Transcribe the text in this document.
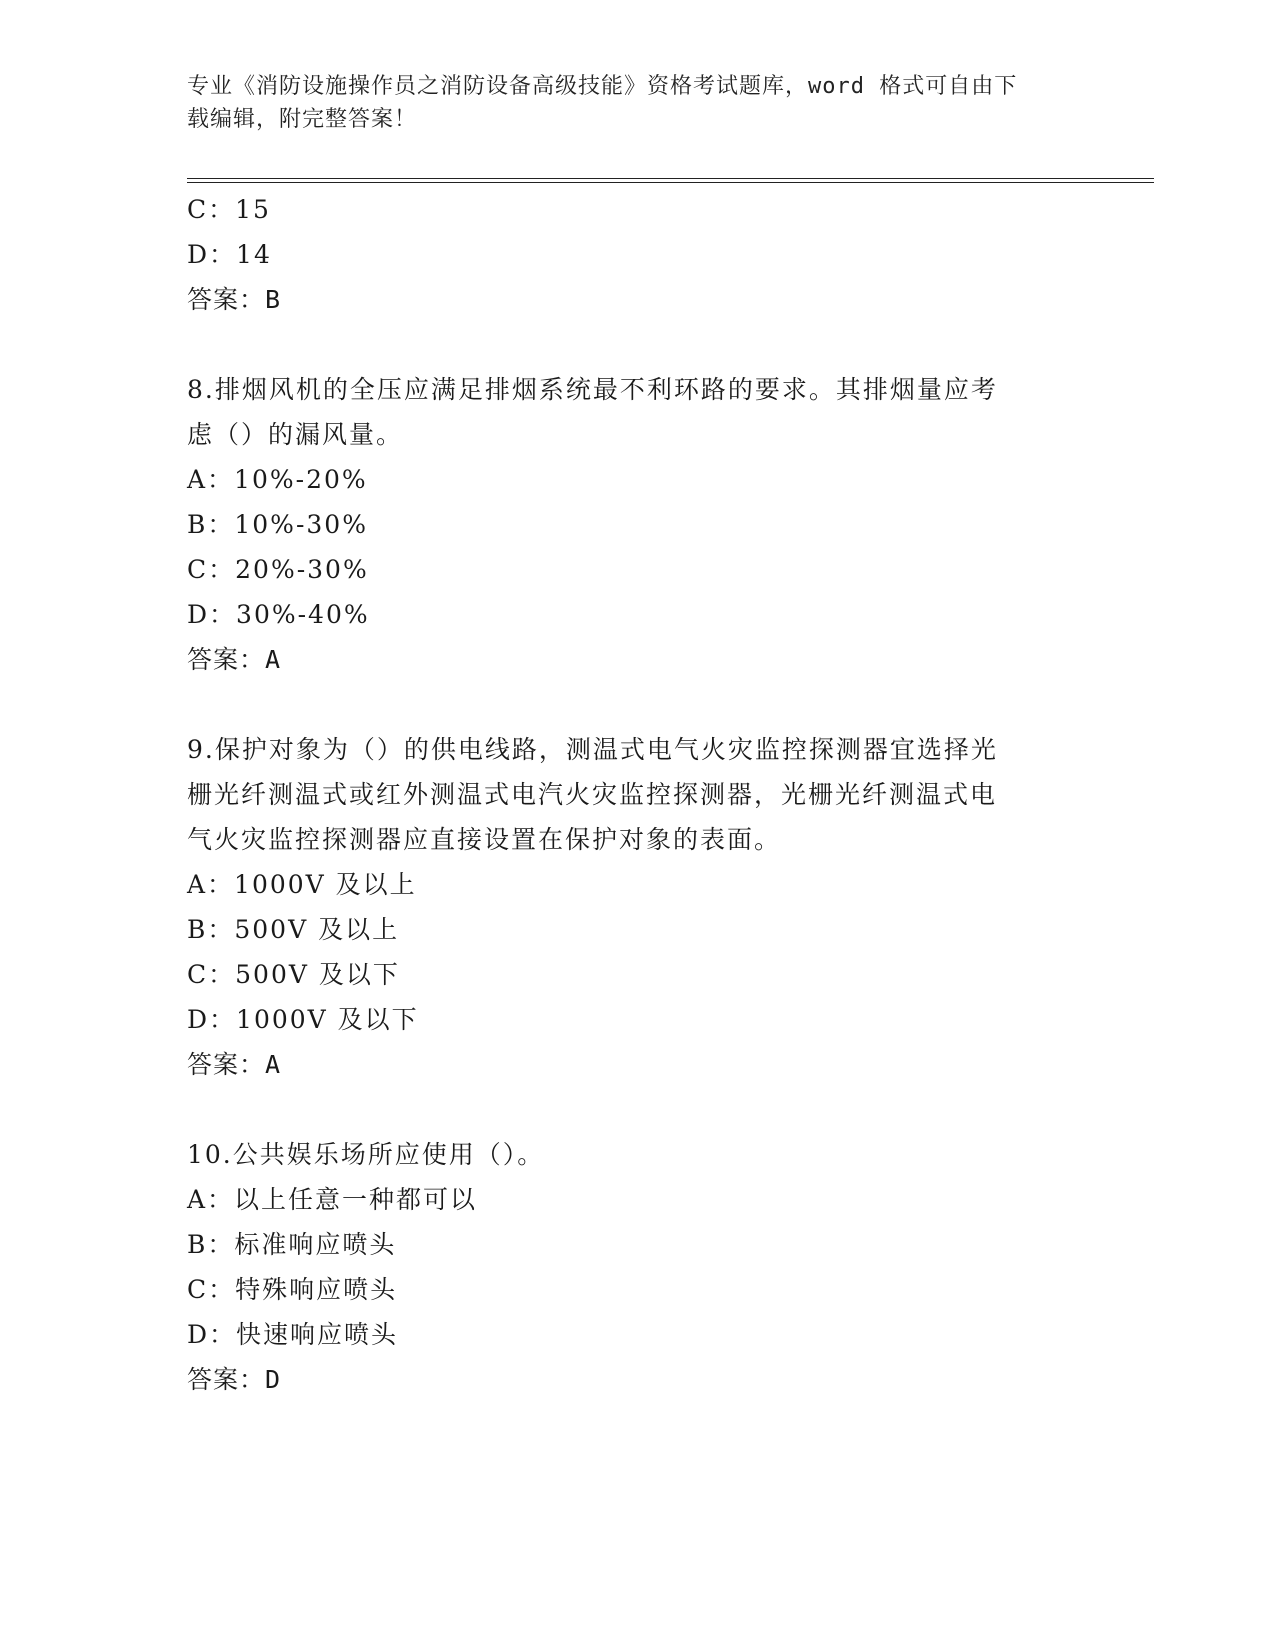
专业《消防设施操作员之消防设备高级技能》资格考试题库，word 格式可自由下
载编辑，附完整答案！
C：15
D：14
答案：B
8.排烟风机的全压应满足排烟系统最不利环路的要求。其排烟量应考
虑（）的漏风量。
A：10%-20%
B：10%-30%
C：20%-30%
D：30%-40%
答案：A
9.保护对象为（）的供电线路，测温式电气火灾监控探测器宜选择光
栅光纤测温式或红外测温式电汽火灾监控探测器，光栅光纤测温式电
气火灾监控探测器应直接设置在保护对象的表面。
A：1000V 及以上
B：500V 及以上
C：500V 及以下
D：1000V 及以下
答案：A
10.公共娱乐场所应使用（）。
A：以上任意一种都可以
B：标准响应喷头
C：特殊响应喷头
D：快速响应喷头
答案：D
